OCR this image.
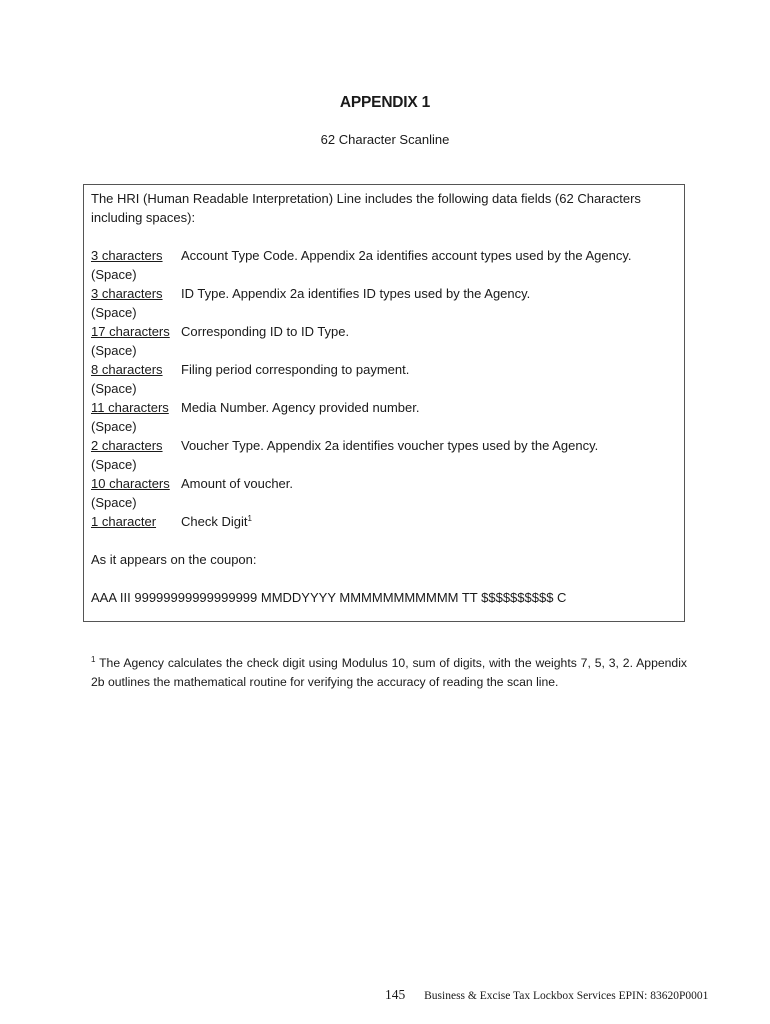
APPENDIX 1
62 Character Scanline

The HRI (Human Readable Interpretation) Line includes the following data fields (62 Characters including spaces):

3 characters	Account Type Code. Appendix 2a identifies account types used by the Agency.
(Space)
3 characters	ID Type. Appendix 2a identifies ID types used by the Agency.
(Space)
17 characters Corresponding ID to ID Type.
(Space)
8 characters	Filing period corresponding to payment.
(Space)
11 characters Media Number. Agency provided number.
(Space)
2 characters	Voucher Type. Appendix 2a identifies voucher types used by the Agency.
(Space)
10 characters Amount of voucher.
(Space)
1 character	Check Digit$^1$
As it appears on the coupon:
AAA III 99999999999999999 MMDDYYYY MMMMMMMMMMM TT $$$$$$$$$$ C
$^1$ The Agency calculates the check digit using Modulus 10, sum of digits, with the weights 7, 5, 3, 2. Appendix 2b outlines the mathematical routine for verifying the accuracy of reading the scan line.
145 Business & Excise Tax Lockbox Services EPIN: 83620P0001
